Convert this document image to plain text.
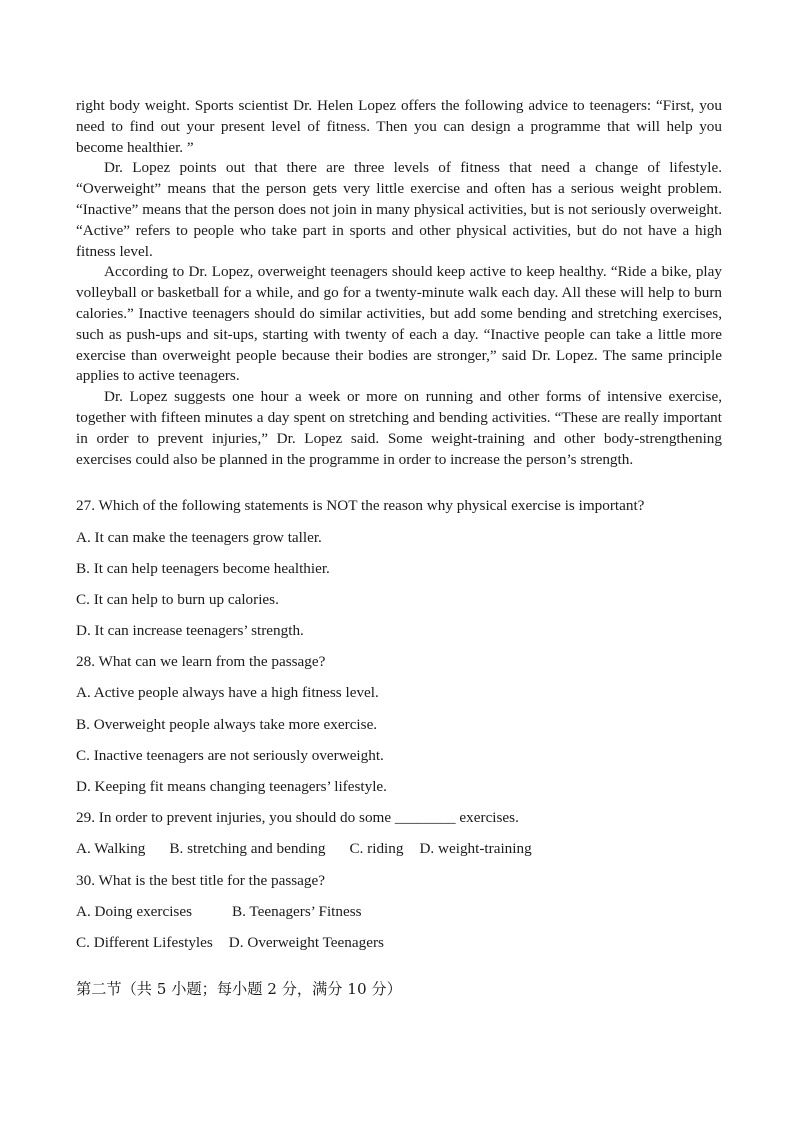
right body weight. Sports scientist Dr. Helen Lopez offers the following advice to teenagers: “First, you need to find out your present level of fitness. Then you can design a programme that will help you become healthier. ”

Dr. Lopez points out that there are three levels of fitness that need a change of lifestyle. “Overweight” means that the person gets very little exercise and often has a serious weight problem. “Inactive” means that the person does not join in many physical activities, but is not seriously overweight. “Active” refers to people who take part in sports and other physical activities, but do not have a high fitness level.

According to Dr. Lopez, overweight teenagers should keep active to keep healthy. “Ride a bike, play volleyball or basketball for a while, and go for a twenty-minute walk each day. All these will help to burn calories.” Inactive teenagers should do similar activities, but add some bending and stretching exercises, such as push-ups and sit-ups, starting with twenty of each a day. “Inactive people can take a little more exercise than overweight people because their bodies are stronger,” said Dr. Lopez. The same principle applies to active teenagers.

Dr. Lopez suggests one hour a week or more on running and other forms of intensive exercise, together with fifteen minutes a day spent on stretching and bending activities. “These are really important in order to prevent injuries,” Dr. Lopez said. Some weight-training and other body-strengthening exercises could also be planned in the programme in order to increase the person’s strength.

27. Which of the following statements is NOT the reason why physical exercise is important?
A. It can make the teenagers grow taller.
B. It can help teenagers become healthier.
C. It can help to burn up calories.
D. It can increase teenagers’ strength.
28. What can we learn from the passage?
A. Active people always have a high fitness level.
B. Overweight people always take more exercise.
C. Inactive teenagers are not seriously overweight.
D. Keeping fit means changing teenagers’ lifestyle.
29. In order to prevent injuries, you should do some ________ exercises.
A. Walking B. stretching and bending C. riding D. weight-training
30. What is the best title for the passage?
A. Doing exercises	B. Teenagers’ Fitness
C. Different Lifestyles D. Overweight Teenagers
第二节（共 5 小题；每小题 2 分，满分 10 分）
